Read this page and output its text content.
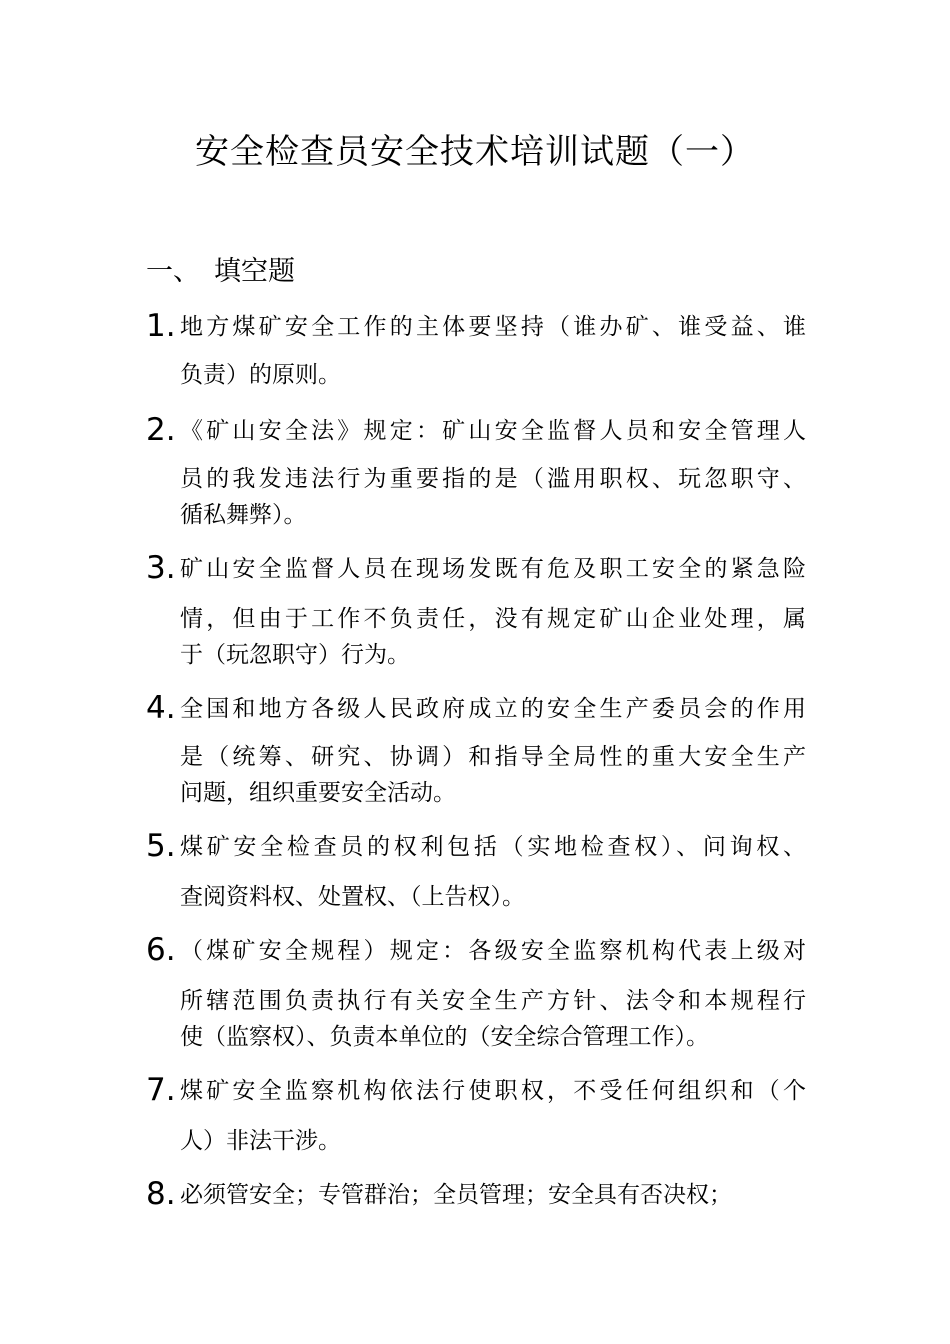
安全检查员安全技术培训试题（一）
一、 填空题
1. 地方煤矿安全工作的主体要坚持（谁办矿、谁受益、谁
负责）的原则。
2. 《矿山安全法》规定：矿山安全监督人员和安全管理人
员的我发违法行为重要指的是（滥用职权、玩忽职守、
循私舞弊）。
3. 矿山安全监督人员在现场发既有危及职工安全的紧急险
情，但由于工作不负责任，没有规定矿山企业处理，属
于（玩忽职守）行为。
4. 全国和地方各级人民政府成立的安全生产委员会的作用
是（统筹、研究、协调）和指导全局性的重大安全生产
问题，组织重要安全活动。
5. 煤矿安全检查员的权利包括（实地检查权）、问询权、
查阅资料权、处置权、（上告权）。
6. （煤矿安全规程）规定：各级安全监察机构代表上级对
所辖范围负责执行有关安全生产方针、法令和本规程行
使（监察权）、负责本单位的（安全综合管理工作）。
7. 煤矿安全监察机构依法行使职权，不受任何组织和（个
人）非法干涉。
8. 必须管安全；专管群治；全员管理；安全具有否决权；
